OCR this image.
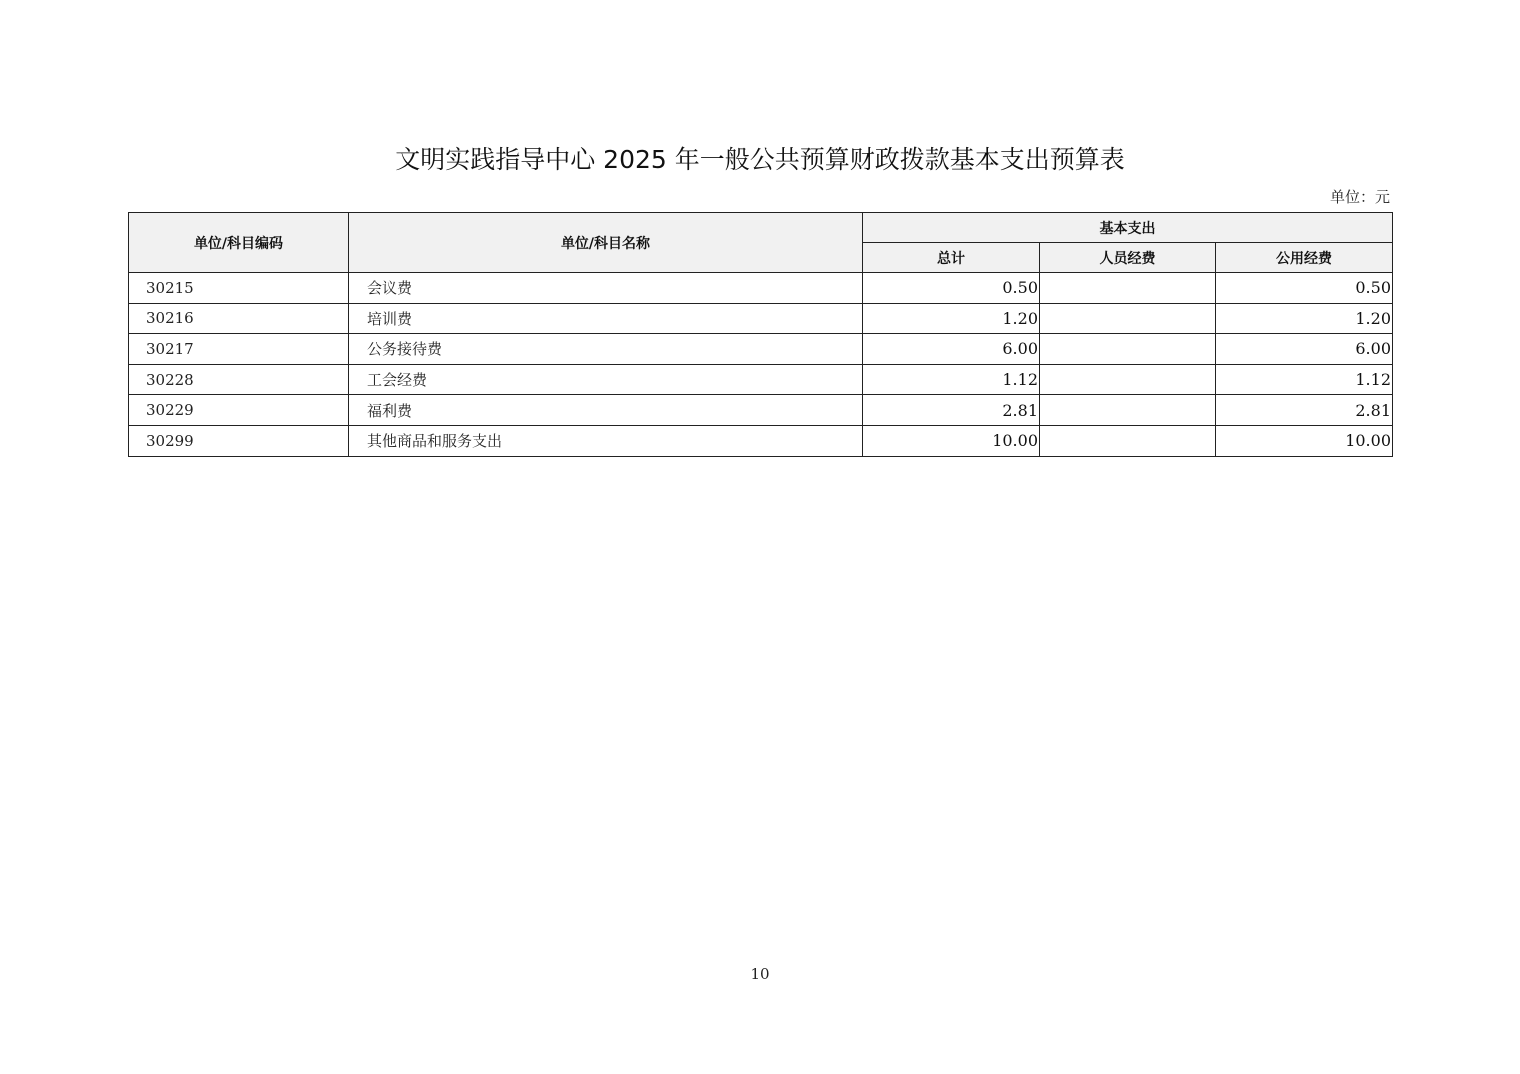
文明实践指导中心 2025 年一般公共预算财政拨款基本支出预算表
单位：元
单位/科目编码	单位/科目名称	基本支出		
		总计	人员经费	公用经费
30215	会议费	0.50		0.50
30216	培训费	1.20		1.20
30217	公务接待费	6.00		6.00
30228	工会经费	1.12		1.12
30229	福利费	2.81		2.81
30299	其他商品和服务支出	10.00		10.00
10
